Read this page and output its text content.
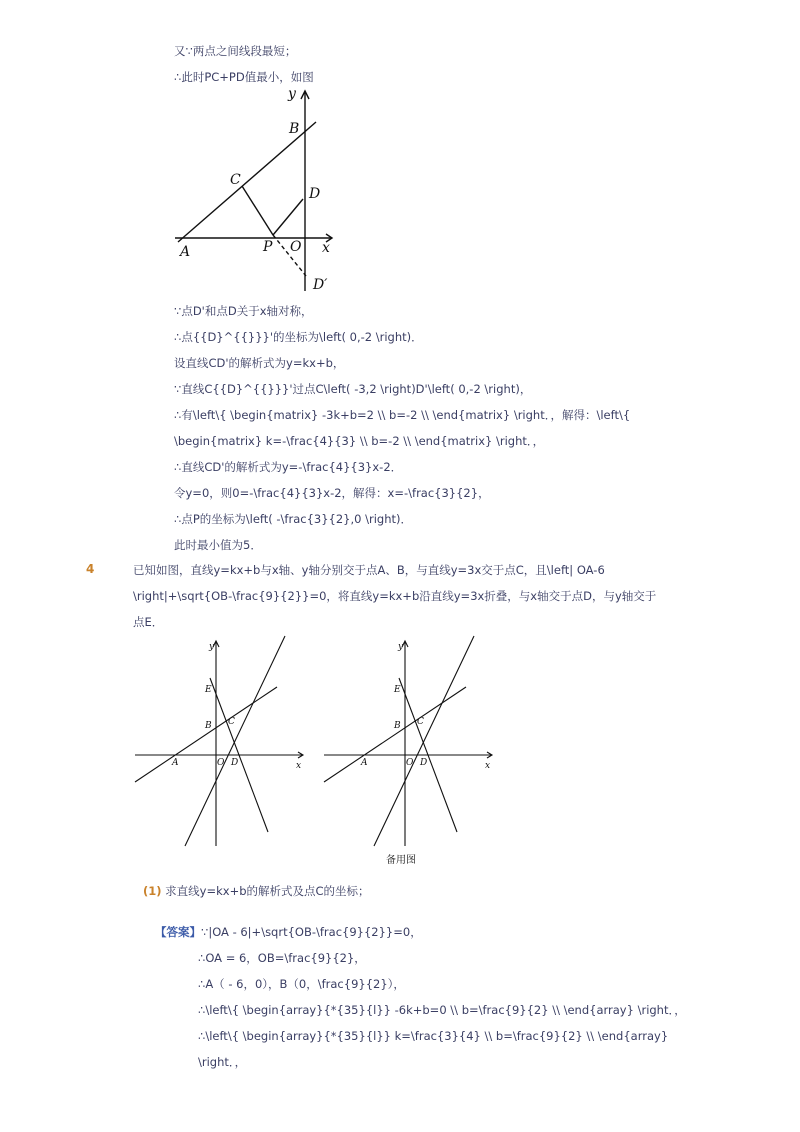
又∵两点之间线段最短；
∴此时PC+PD值最小，如图
y
x
B
C
D
A	P O
D′
∵点D'和点D关于x轴对称，
∴点{{D}^{{}}}'的坐标为\left( 0,-2 \right)．
设直线CD'的解析式为y=kx+b，
∵直线C{{D}^{{}}}'过点C\left( -3,2 \right)D'\left( 0,-2 \right)，
∴有\left\{ \begin{matrix} -3k+b=2 \\ b=-2 \\ \end{matrix} \right．，解得：\left\{
\begin{matrix} k=-\frac{4}{3} \\ b=-2 \\ \end{matrix} \right．，
∴直线CD'的解析式为y=-\frac{4}{3}x-2．
令y=0，则0=-\frac{4}{3}x-2，解得：x=-\frac{3}{2}，
∴点P的坐标为\left( -\frac{3}{2},0 \right)．
此时最小值为5．
4	已知如图，直线y=kx+b与x轴、y轴分别交于点A、B，与直线y=3x交于点C，且\left| OA-6
\right|+\sqrt{OB-\frac{9}{2}}=0，将直线y=kx+b沿直线y=3x折叠，与x轴交于点D，与y轴交于
点E．
y
x
E
B C
A	O D
y
x
E
B C
A	O D
备用图
(1) 求直线y=kx+b的解析式及点C的坐标；
【答案】∵|OA - 6|+\sqrt{OB-\frac{9}{2}}=0，
∴OA = 6，OB=\frac{9}{2}，
∴A（ - 6，0），B（0，\frac{9}{2}），
∴\left\{ \begin{array}{*{35}{l}} -6k+b=0 \\ b=\frac{9}{2} \\ \end{array} \right．，
∴\left\{ \begin{array}{*{35}{l}} k=\frac{3}{4} \\ b=\frac{9}{2} \\ \end{array}
\right．，
